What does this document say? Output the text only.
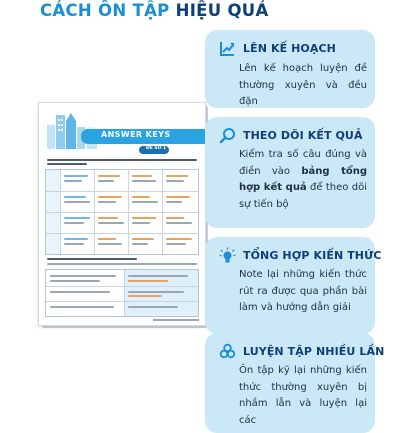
CÁCH ÔN TẬP HIỆU QUẢ
ANSWER KEYS
ĐỀ SỐ 1
LÊN KẾ HOẠCH
Lên kế hoạch luyện đề thường xuyên và đều đặn
THEO DÕI KẾT QUẢ
Kiểm tra số câu đúng và điền vào bảng tổng hợp kết quả để theo dõi sự tiến bộ
TỔNG HỢP KIẾN THỨC
Note lại những kiến thức rút ra được qua phần bài làm và hướng dẫn giải
LUYỆN TẬP NHIỀU LẦN
Ôn tập kỹ lại những kiến thức thường xuyên bị nhầm lẫn và luyện lại các
